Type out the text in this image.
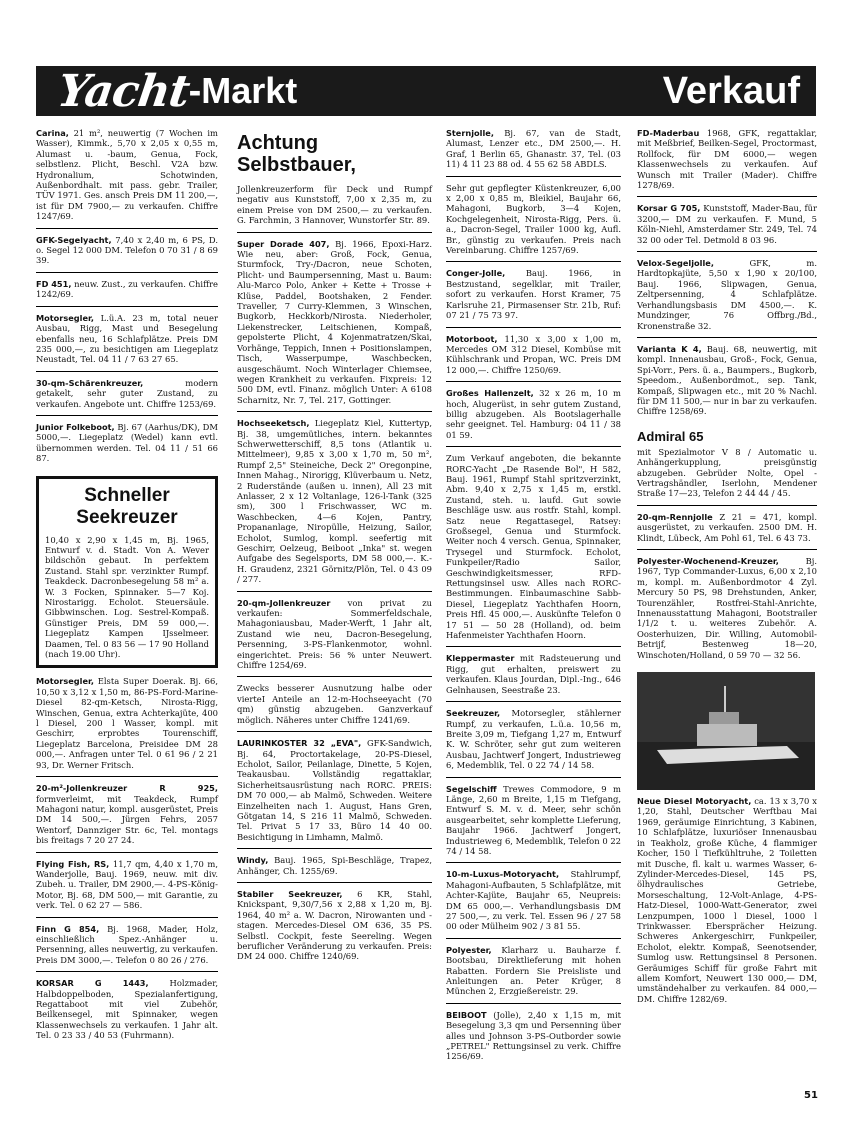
Yacht
- Markt	Verkauf

Carina, 21 m², neuwertig (7 Wochen im Wasser), Kimmk., 5,70 x 2,05 x 0,55 m, Alumast u. -baum, Genua, Fock, selbstlenz. Plicht, Beschl. V2A bzw. Hydronalium, Schotwinden, Außenbordhalt. mit pass. gebr. Trailer, TÜV 1971. Ges. ansch Preis DM 11 200,—, ist für DM 7900,— zu verkaufen. Chiffre 1247/69.

GFK-Segelyacht, 7,40 x 2,40 m, 6 PS, D. o. Segel 12 000 DM. Telefon 0 70 31 / 8 69 39.

FD 451, neuw. Zust., zu verkaufen. Chiffre 1242/69.

Motorsegler, L.ü.A. 23 m, total neuer Ausbau, Rigg, Mast und Besegelung ebenfalls neu, 16 Schlafplätze. Preis DM 235 000,—, zu besichtigen am Liegeplatz Neustadt, Tel. 04 11 / 7 63 27 65.

30-qm-Schärenkreuzer, modern getakelt, sehr guter Zustand, zu verkaufen. Angebote unt. Chiffre 1253/69.

Junior Folkeboot, Bj. 67 (Aarhus/DK), DM 5000,—. Liegeplatz (Wedel) kann evtl. übernommen werden. Tel. 04 11 / 51 66 87.

Schneller Seekreuzer

10,40 x 2,90 x 1,45 m, Bj. 1965, Entwurf v. d. Stadt. Von A. Wever bildschön gebaut. In perfektem Zustand. Stahl spr. verzinkter Rumpf. Teakdeck. Dacronbesegelung 58 m² a. W. 3 Focken, Spinnaker. 5—7 Koj. Nirostarigg. Echolot. Steuersäule. Gibbwinschen. Log. Sestrel-Kompaß. Günstiger Preis, DM 59 000,—. Liegeplatz Kampen IJsselmeer. Daamen, Tel. 0 83 56 — 17 90 Holland (nach 19.00 Uhr).

Motorsegler, Elsta Super Doerak. Bj. 66, 10,50 x 3,12 x 1,50 m, 86-PS-Ford-Marine-Diesel 82-qm-Ketsch, Nirosta-Rigg, Winschen, Genua, extra Achterkajüte, 400 l Diesel, 200 l Wasser, kompl. mit Geschirr, erprobtes Tourenschiff, Liegeplatz Barcelona, Preisidee DM 28 000,—. Anfragen unter Tel. 0 61 96 / 2 21 93, Dr. Werner Fritsch.

20-m²-Jollenkreuzer R 925, formverleimt, mit Teakdeck, Rumpf Mahagoni natur, kompl. ausgerüstet, Preis DM 14 500,—. Jürgen Fehrs, 2057 Wentorf, Dannziger Str. 6c, Tel. montags bis freitags 7 20 27 24.

Flying Fish, RS, 11,7 qm, 4,40 x 1,70 m, Wanderjolle, Bauj. 1969, neuw. mit div. Zubeh. u. Trailer, DM 2900,—. 4-PS-König-Motor, Bj. 68, DM 500,— mit Garantie, zu verk. Tel. 0 62 27 — 586.

Finn G 854, Bj. 1968, Mader, Holz, einschließlich Spez.-Anhänger u. Persenning, alles neuwertig, zu verkaufen. Preis DM 3000,—. Telefon 0 80 26 / 276.

KORSAR G 1443, Holzmader, Halbdoppelboden, Spezialanfertigung, Regattaboot mit viel Zubehör, Beilkensegel, mit Spinnaker, wegen Klassenwechsels zu verkaufen. 1 Jahr alt. Tel. 0 23 33 / 40 53 (Fuhrmann).

Achtung Selbstbauer,

Jollenkreuzerform für Deck und Rumpf negativ aus Kunststoff, 7,00 x 2,35 m, zu einem Preise von DM 2500,— zu verkaufen. G. Farchmin, 3 Hannover, Wunstorfer Str. 89.

Super Dorade 407, Bj. 1966, Epoxi-Harz. Wie neu, aber: Groß, Fock, Genua, Sturmfock, Try-/Dacron, neue Schoten, Plicht- und Baumpersenning, Mast u. Baum: Alu-Marco Polo, Anker + Kette + Trosse + Klüse, Paddel, Bootshaken, 2 Fender. Traveller, 7 Curry-Klemmen, 3 Winschen, Bugkorb, Heckkorb/Nirosta. Niederholer, Liekenstrecker, Leitschienen, Kompaß, gepolsterte Plicht, 4 Kojenmatratzen/Skai, Vorhänge, Teppich, Innen + Positionslampen, Tisch, Wasserpumpe, Waschbecken, ausgeschäumt. Noch Winterlager Chiemsee, wegen Krankheit zu verkaufen. Fixpreis: 12 500 DM, evtl. Finanz. möglich Unter: A 6108 Scharnitz, Nr. 7, Tel. 217, Gottinger.

Hochseeketsch, Liegeplatz Kiel, Kuttertyp, Bj. 38, umgemütliches, intern. bekanntes Schwerwetterschiff, 8,5 tons (Atlantik u. Mittelmeer), 9,85 x 3,00 x 1,70 m, 50 m², Rumpf 2,5" Steineiche, Deck 2" Oregonpine, Innen Mahag., Nirorigg, Klüverbaum u. Netz, 2 Ruderstände (außen u. innen), All 23 mit Anlasser, 2 x 12 Voltanlage, 126-l-Tank (325 sm), 300 l Frischwasser, WC m. Waschbecken, 4—6 Kojen, Pantry, Propananlage, Niropülle, Heizung, Sailor, Echolot, Sumlog, kompl. seefertig mit Geschirr, Oelzeug, Beiboot „Inka" st. wegen Aufgabe des Segelsports, DM 58 000,—. K.-H. Graudenz, 2321 Görnitz/Plön, Tel. 0 43 09 / 277.

20-qm-Jollenkreuzer von privat zu verkaufen: Sommerfeldschale, Mahagoniausbau, Mader-Werft, 1 Jahr alt, Zustand wie neu, Dacron-Besegelung, Persenning, 3-PS-Flankenmotor, wohnl. eingerichtet. Preis: 56 % unter Neuwert. Chiffre 1254/69.

Zwecks besserer Ausnutzung halbe oder vierteI Anteile an 12-m-Hochseeyacht (70 qm) günstig abzugeben. Ganzverkauf möglich. Näheres unter Chiffre 1241/69.

LAURINKOSTER 32 „EVA", GFK-Sandwich, Bj. 64, Proctortakelage, 20-PS-Diesel, Echolot, Sailor, Peilanlage, Dinette, 5 Kojen, Teakausbau. Vollständig regattaklar, Sicherheitsausrüstung nach RORC. PREIS: DM 70 000,— ab Malmö, Schweden. Weitere Einzelheiten nach 1. August, Hans Gren, Götgatan 14, S 216 11 Malmö, Schweden. Tel. Privat 5 17 33, Büro 14 40 00. Besichtigung in Limhamn, Malmö.

Windy, Bauj. 1965, Spi-Beschläge, Trapez, Anhänger, Ch. 1255/69.

Stabiler Seekreuzer, 6 KR, Stahl, Knickspant, 9,30/7,56 x 2,88 x 1,20 m, Bj. 1964, 40 m² a. W. Dacron, Nirowanten und -stagen. Mercedes-Diesel OM 636, 35 PS. Selbstl. Cockpit, feste Seereling. Wegen beruflicher Veränderung zu verkaufen. Preis: DM 24 000. Chiffre 1240/69.

Sternjolle, Bj. 67, van de Stadt, Alumast, Lenzer etc., DM 2500,—. H. Graf, 1 Berlin 65, Ghanastr. 37, Tel. (03 11) 4 11 23 88 od. 4 55 62 58 ABDLS.

Sehr gut gepflegter Küstenkreuzer, 6,00 x 2,00 x 0,85 m, Bleikiel, Baujahr 66, Mahagoni, Bugkorb, 3—4 Kojen, Kochgelegenheit, Nirosta-Rigg, Pers. ü. a., Dacron-Segel, Trailer 1000 kg, Aufl. Br., günstig zu verkaufen. Preis nach Vereinbarung. Chiffre 1257/69.

Conger-Jolle, Bauj. 1966, in Bestzustand, segelklar, mit Trailer, sofort zu verkaufen. Horst Kramer, 75 Karlsruhe 21, Pirmasenser Str. 21b, Ruf: 07 21 / 75 73 97.

Motorboot, 11,30 x 3,00 x 1,00 m, Mercedes OM 312 Diesel, Kombüse mit Kühlschrank und Propan, WC. Preis DM 12 000,—. Chiffre 1250/69.

Großes Hallenzelt, 32 x 26 m, 10 m hoch, Alugerüst, in sehr gutem Zustand, billig abzugeben. Als Bootslagerhalle sehr geeignet. Tel. Hamburg: 04 11 / 38 01 59.

Zum Verkauf angeboten, die bekannte RORC-Yacht „De Rasende Bol", H 582, Bauj. 1961, Rumpf Stahl spritzverzinkt, Abm. 9,40 x 2,75 x 1,45 m, erstkl. Zustand, steh. u. laufd. Gut sowie Beschläge usw. aus rostfr. Stahl, kompl. Satz neue Regattasegel, Ratsey: Großsegel, Genua und Sturmfock. Weiter noch 4 versch. Genua, Spinnaker, Trysegel und Sturmfock. Echolot, Funkpeiler/Radio Sailor, Geschwindigkeitsmesser, RFD-Rettungsinsel usw. Alles nach RORC-Bestimmungen. Einbaumaschine Sabb-Diesel, Liegeplatz Yachthafen Hoorn, Preis Hfl. 45 000,—. Auskünfte Telefon 0 17 51 — 50 28 (Holland), od. beim Hafenmeister Yachthafen Hoorn.

Kleppermaster mit Radsteuerung und Rigg, gut erhalten, preiswert zu verkaufen. Klaus Jourdan, Dipl.-Ing., 646 Gelnhausen, Seestraße 23.

Seekreuzer, Motorsegler, stählerner Rumpf, zu verkaufen, L.ü.a. 10,56 m, Breite 3,09 m, Tiefgang 1,27 m, Entwurf K. W. Schröter, sehr gut zum weiteren Ausbau, Jachtwerf Jongert, Industrieweg 6, Medemblik, Tel. 0 22 74 / 14 58.

Segelschiff Trewes Commodore, 9 m Länge, 2,60 m Breite, 1,15 m Tiefgang, Entwurf S. M. v. d. Meer, sehr schön ausgearbeitet, sehr komplette Lieferung, Baujahr 1966. Jachtwerf Jongert, Industrieweg 6, Medemblik, Telefon 0 22 74 / 14 58.

10-m-Luxus-Motoryacht, Stahlrumpf, Mahagoni-Aufbauten, 5 Schlafplätze, mit Achter-Kajüte, Baujahr 65, Neupreis: DM 65 000,—. Verhandlungsbasis DM 27 500,—, zu verk. Tel. Essen 96 / 27 58 00 oder Mülheim 902 / 3 81 55.

Polyester, Klarharz u. Bauharze f. Bootsbau, Direktlieferung mit hohen Rabatten. Fordern Sie Preisliste und Anleitungen an. Peter Krüger, 8 München 2, Erzgießereistr. 29.

BEIBOOT (Jolle), 2,40 x 1,15 m, mit Besegelung 3,3 qm und Persenning über alles und Johnson 3-PS-Outborder sowie „PETREL" Rettungsinsel zu verk. Chiffre 1256/69.

FD-Maderbau 1968, GFK, regattaklar, mit Meßbrief, Beilken-Segel, Proctormast, Rollfock, für DM 6000,— wegen Klassenwechsels zu verkaufen. Auf Wunsch mit Trailer (Mader). Chiffre 1278/69.

Korsar G 705, Kunststoff, Mader-Bau, für 3200,— DM zu verkaufen. F. Mund, 5 Köln-Niehl, Amsterdamer Str. 249, Tel. 74 32 00 oder Tel. Detmold 8 03 96.

Velox-Segeljolle, GFK, m. Hardtopkajüte, 5,50 x 1,90 x 20/100, Bauj. 1966, Slipwagen, Genua, Zeltpersenning, 4 Schlafplätze. Verhandlungsbasis DM 4500,—. K. Mundzinger, 76 Offbrg./Bd., Kronenstraße 32.

Varianta K 4, Bauj. 68, neuwertig, mit kompl. Innenausbau, Groß-, Fock, Genua, Spi-Vorr., Pers. ü. a., Baumpers., Bugkorb, Speedom., Außenbordmot., sep. Tank, Kompaß, Slipwagen etc., mit 20 % Nachl. für DM 11 500,— nur in bar zu verkaufen. Chiffre 1258/69.

Admiral 65

mit Spezialmotor V 8 / Automatic u. Anhängerkupplung, preisgünstig abzugeben. Gebrüder Nolte, Opel - Vertragshändler, Iserlohn, Mendener Straße 17—23, Telefon 2 44 44 / 45.

20-qm-Rennjolle Z 21 = 471, kompl. ausgerüstet, zu verkaufen. 2500 DM. H. Klindt, Lübeck, Am Pohl 61, Tel. 6 43 73.

Polyester-Wochenend-Kreuzer, Bj. 1967, Typ Commander-Luxus, 6,00 x 2,10 m, kompl. m. Außenbordmotor 4 Zyl. Mercury 50 PS, 98 Drehstunden, Anker, Tourenzähler, Rostfrei-Stahl-Anrichte, Innenausstattung Mahagoni, Bootstrailer 1/1/2 t. u. weiteres Zubehör. A. Oosterhuizen, Dir. Willing, Automobil-Betrijf, Bestenweg 18—20, Winschoten/Holland, 0 59 70 — 32 56.

Neue Diesel Motoryacht, ca. 13 x 3,70 x 1,20, Stahl, Deutscher Werftbau Mai 1969, geräumige Einrichtung, 3 Kabinen, 10 Schlafplätze, luxuriöser Innenausbau in Teakholz, große Küche, 4 flammiger Kocher, 150 l Tiefkühltruhe, 2 Toiletten mit Dusche, fl. kalt u. warmes Wasser, 6-Zylinder-Mercedes-Diesel, 145 PS, ölhydraulisches Getriebe, Morseschaltung, 12-Volt-Anlage, 4-PS-Hatz-Diesel, 1000-Watt-Generator, zwei Lenzpumpen, 1000 l Diesel, 1000 l Trinkwasser. Ebersprächer Heizung. Schweres Ankergeschirr, Funkpeiler, Echolot, elektr. Kompaß, Seenotsender, Sumlog usw. Rettungsinsel 8 Personen. Geräumiges Schiff für große Fahrt mit allem Komfort, Neuwert 130 000,— DM, umständehalber zu verkaufen. 84 000,— DM. Chiffre 1282/69.

51
